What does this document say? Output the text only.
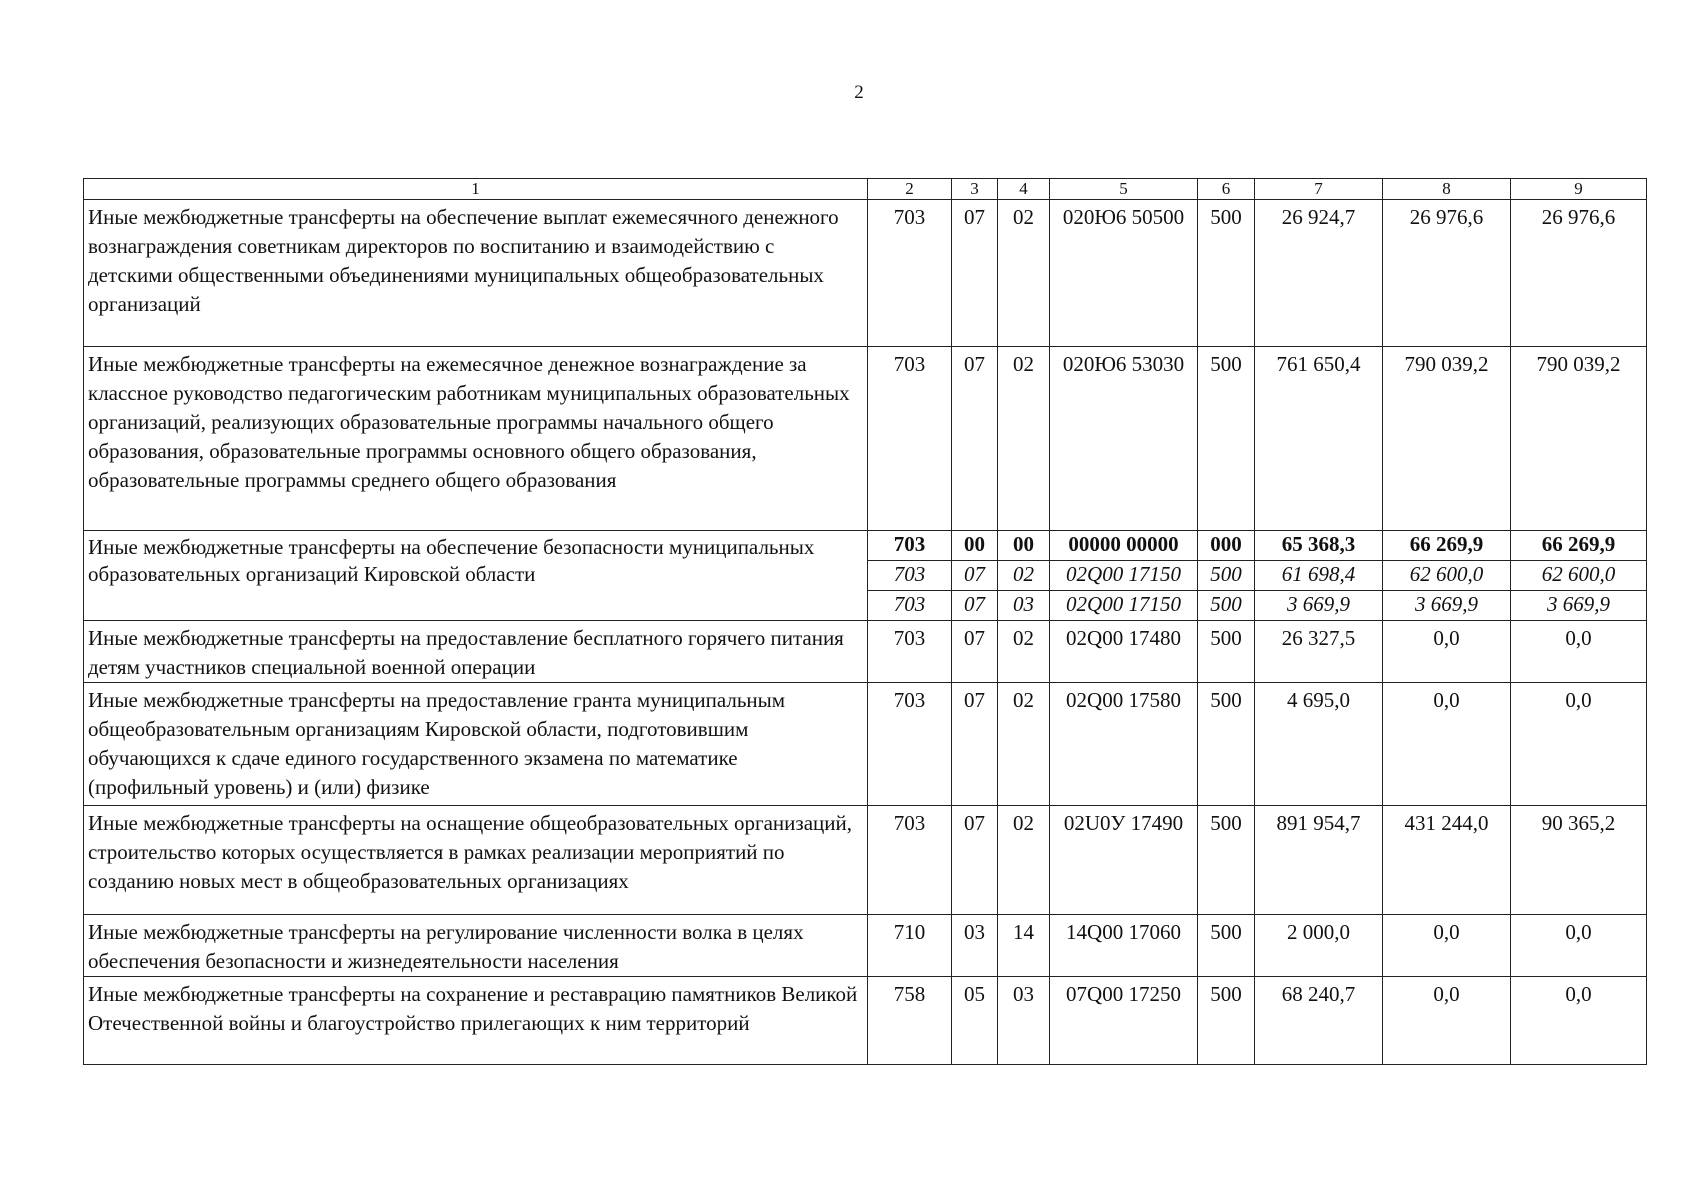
2
1	2	3	4	5	6	7	8	9
Иные межбюджетные трансферты на обеспечение выплат ежемесячного денежного вознаграждения советникам директоров по воспитанию и взаимодействию с детскими общественными объединениями муниципальных общеобразовательных организаций	703	07	02	020Ю6 50500	500	26 924,7	26 976,6	26 976,6
Иные межбюджетные трансферты на ежемесячное денежное вознаграждение за классное руководство педагогическим работникам муниципальных образовательных организаций, реализующих образовательные программы начального общего образования, образовательные программы основного общего образования, образовательные программы среднего общего образования	703	07	02	020Ю6 53030	500	761 650,4	790 039,2	790 039,2
Иные межбюджетные трансферты на обеспечение безопасности муниципальных образовательных организаций Кировской области	703	00	00	00000 00000	000	65 368,3	66 269,9	66 269,9
	703	07	02	02Q00 17150	500	61 698,4	62 600,0	62 600,0
	703	07	03	02Q00 17150	500	3 669,9	3 669,9	3 669,9
Иные межбюджетные трансферты на предоставление бесплатного горячего питания детям участников специальной военной операции	703	07	02	02Q00 17480	500	26 327,5	0,0	0,0
Иные межбюджетные трансферты на предоставление гранта муниципальным общеобразовательным организациям Кировской области, подготовившим обучающихся к сдаче единого государственного экзамена по математике (профильный уровень) и (или) физике	703	07	02	02Q00 17580	500	4 695,0	0,0	0,0
Иные межбюджетные трансферты на оснащение общеобразовательных организаций, строительство которых осуществляется в рамках реализации мероприятий по созданию новых мест в общеобразовательных организациях	703	07	02	02U0У 17490	500	891 954,7	431 244,0	90 365,2
Иные межбюджетные трансферты на регулирование численности волка в целях обеспечения безопасности и жизнедеятельности населения	710	03	14	14Q00 17060	500	2 000,0	0,0	0,0
Иные межбюджетные трансферты на сохранение и реставрацию памятников Великой Отечественной войны и благоустройство прилегающих к ним территорий	758	05	03	07Q00 17250	500	68 240,7	0,0	0,0
